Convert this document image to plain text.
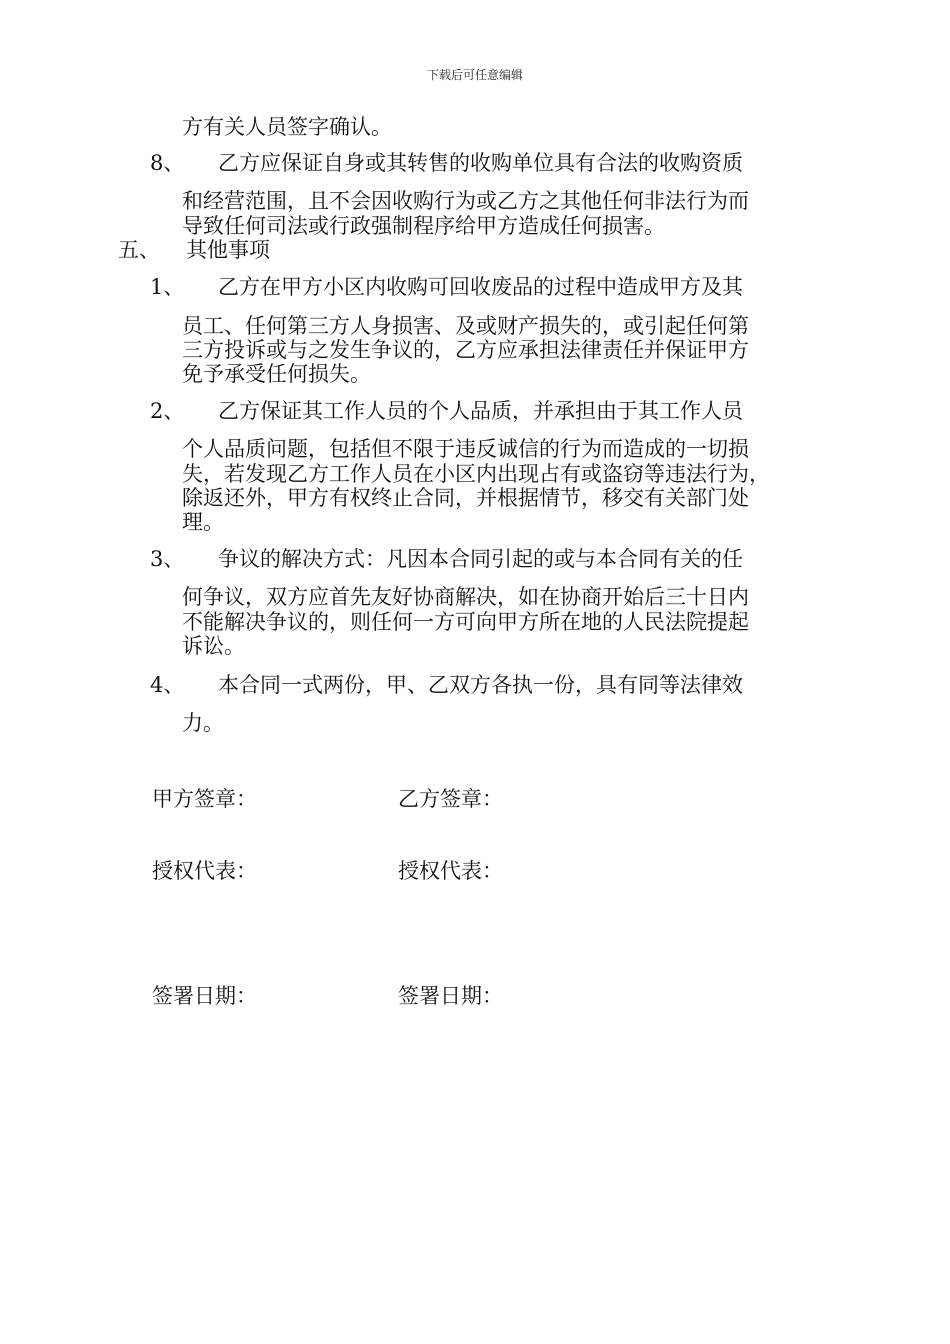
下载后可任意编辑
方有关人员签字确认。
8、 乙方应保证自身或其转售的收购单位具有合法的收购资质
和经营范围，且不会因收购行为或乙方之其他任何非法行为而
导致任何司法或行政强制程序给甲方造成任何损害。
五、 其他事项
1、 乙方在甲方小区内收购可回收废品的过程中造成甲方及其
员工、任何第三方人身损害、及或财产损失的，或引起任何第
三方投诉或与之发生争议的，乙方应承担法律责任并保证甲方
免予承受任何损失。
2、 乙方保证其工作人员的个人品质，并承担由于其工作人员
个人品质问题，包括但不限于违反诚信的行为而造成的一切损
失，若发现乙方工作人员在小区内出现占有或盗窃等违法行为，
除返还外，甲方有权终止合同，并根据情节，移交有关部门处
理。
3、 争议的解决方式：凡因本合同引起的或与本合同有关的任
何争议，双方应首先友好协商解决，如在协商开始后三十日内
不能解决争议的，则任何一方可向甲方所在地的人民法院提起
诉讼。
4、 本合同一式两份，甲、乙双方各执一份，具有同等法律效
力。
甲方签章：	乙方签章：
授权代表：	授权代表：
签署日期：	签署日期：
